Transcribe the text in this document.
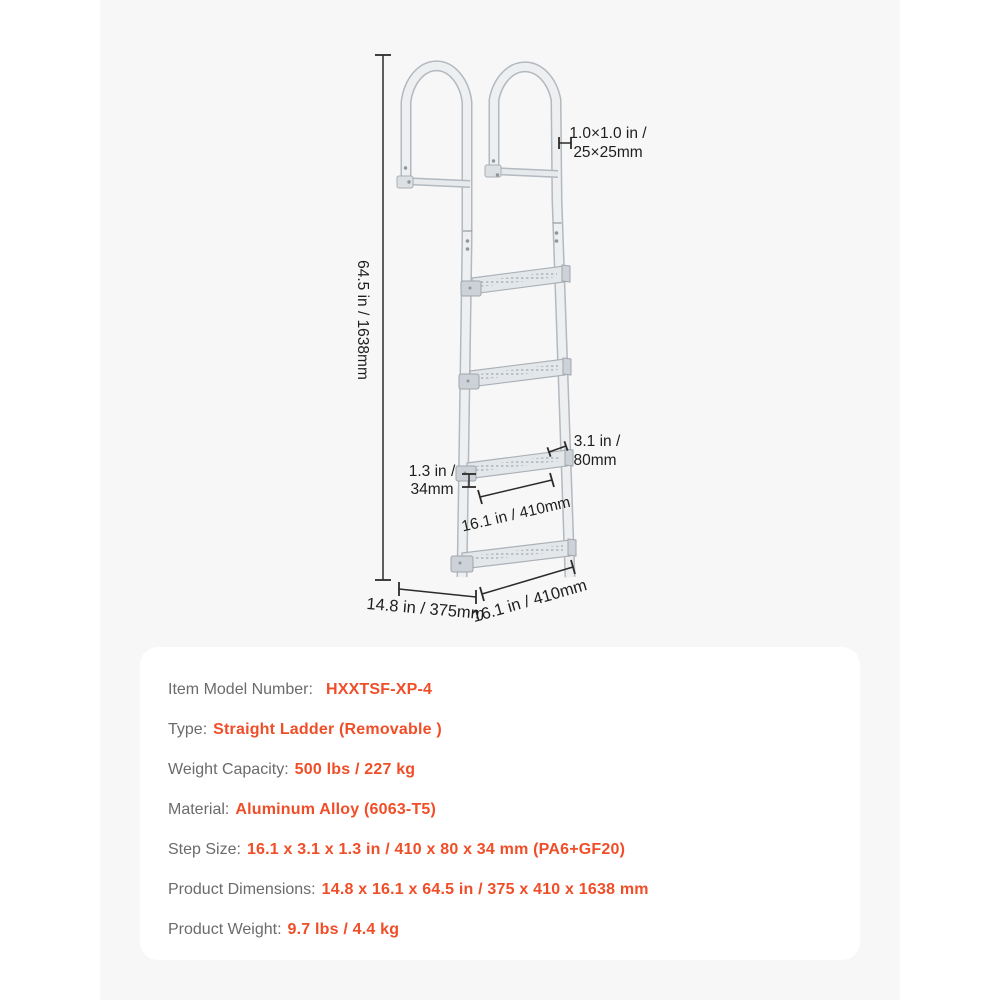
64.5 in / 1638mm
1.0×1.0 in /
25×25mm
3.1 in /
80mm
1.3 in /
34mm
16.1 in / 410mm
14.8 in / 375mm
16.1 in / 410mm
Item Model Number: HXXTSF-XP-4
Type: Straight Ladder (Removable )
Weight Capacity: 500 lbs / 227 kg
Material: Aluminum Alloy (6063-T5)
Step Size: 16.1 x 3.1 x 1.3 in / 410 x 80 x 34 mm (PA6+GF20)
Product Dimensions: 14.8 x 16.1 x 64.5 in / 375 x 410 x 1638 mm
Product Weight: 9.7 lbs / 4.4 kg
